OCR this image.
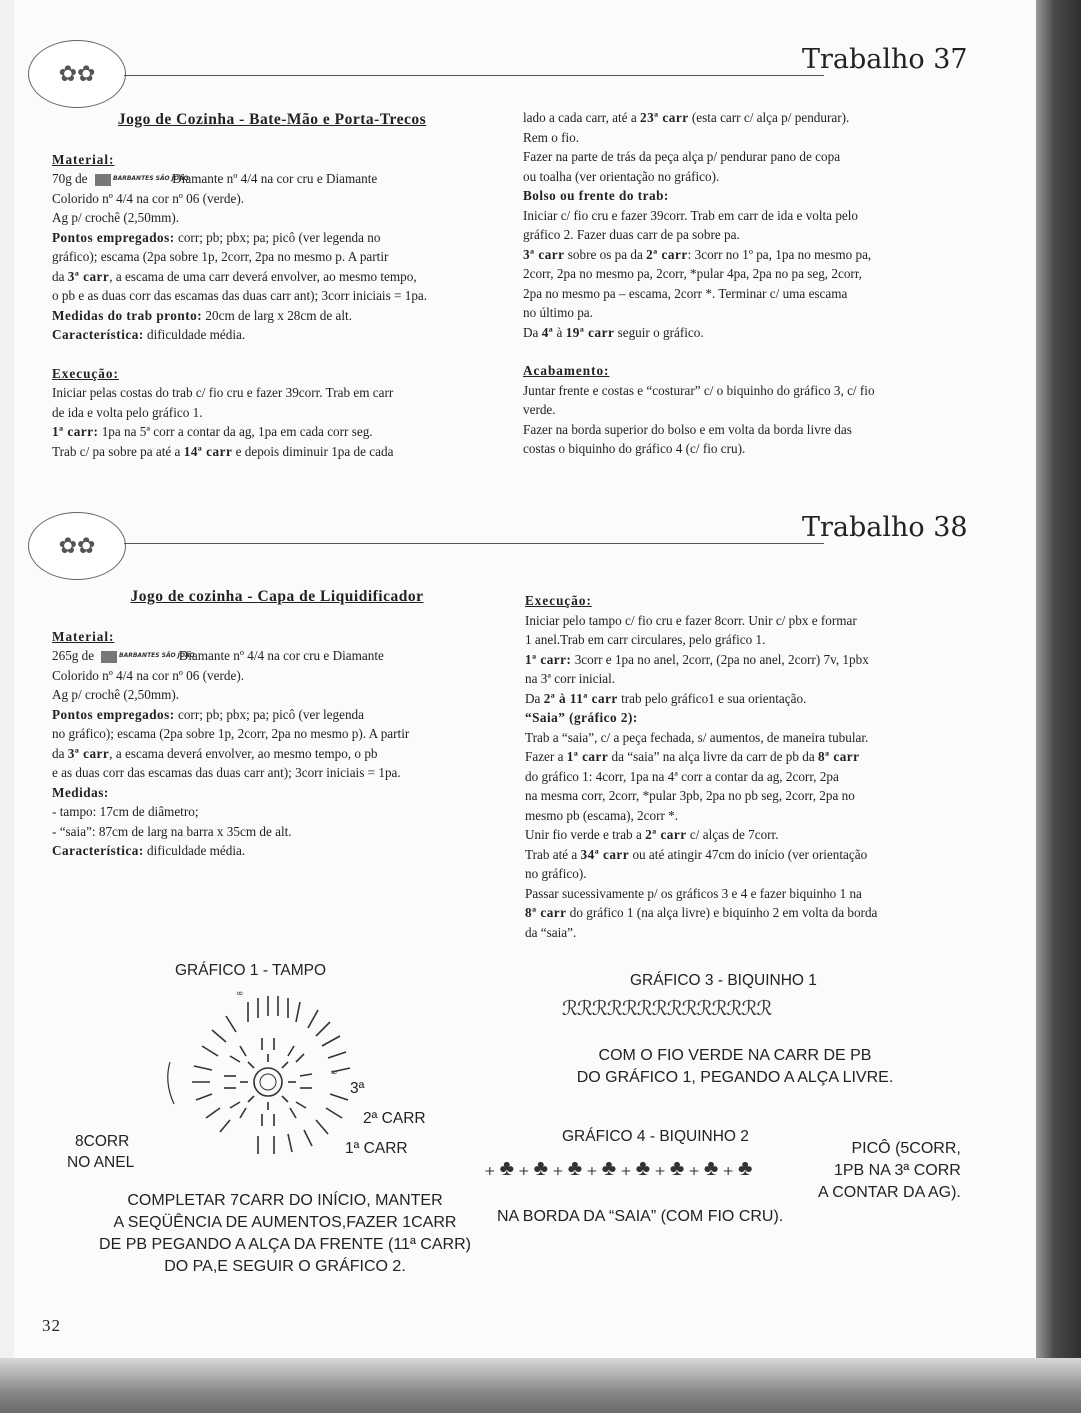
✿✿	Trabalho 37

Jogo de Cozinha - Bate-Mão e Porta-Trecos

Material:

70g de	BARBANTES SÃO JOÃO
Diamante nº 4/4 na cor cru e Diamante

Colorido nº 4/4 na cor nº 06 (verde).

Ag p/ crochê (2,50mm).

Pontos empregados: corr; pb; pbx; pa; picô (ver legenda no

gráfico); escama (2pa sobre 1p, 2corr, 2pa no mesmo p. A partir

da 3ª carr, a escama de uma carr deverá envolver, ao mesmo tempo,

o pb e as duas corr das escamas das duas carr ant); 3corr iniciais = 1pa.

Medidas do trab pronto: 20cm de larg x 28cm de alt.

Característica: dificuldade média.

Execução:

Iniciar pelas costas do trab c/ fio cru e fazer 39corr. Trab em carr

de ida e volta pelo gráfico 1.

1ª carr: 1pa na 5ª corr a contar da ag, 1pa em cada corr seg.

Trab c/ pa sobre pa até a 14ª carr e depois diminuir 1pa de cada

lado a cada carr, até a 23ª carr (esta carr c/ alça p/ pendurar).

Rem o fio.

Fazer na parte de trás da peça alça p/ pendurar pano de copa

ou toalha (ver orientação no gráfico).

Bolso ou frente do trab:

Iniciar c/ fio cru e fazer 39corr. Trab em carr de ida e volta pelo

gráfico 2. Fazer duas carr de pa sobre pa.

3ª carr sobre os pa da 2ª carr: 3corr no 1º pa, 1pa no mesmo pa,

2corr, 2pa no mesmo pa, 2corr, *pular 4pa, 2pa no pa seg, 2corr,

2pa no mesmo pa – escama, 2corr *. Terminar c/ uma escama

no último pa.

Da 4ª à 19ª carr seguir o gráfico.

Acabamento:

Juntar frente e costas e “costurar” c/ o biquinho do gráfico 3, c/ fio

verde.

Fazer na borda superior do bolso e em volta da borda livre das

costas o biquinho do gráfico 4 (c/ fio cru).

✿✿
Trabalho 38

Jogo de cozinha - Capa de Liquidificador

Material:

265g de	BARBANTES SÃO JOÃO
Diamante nº 4/4 na cor cru e Diamante

Colorido nº 4/4 na cor nº 06 (verde).

Ag p/ crochê (2,50mm).

Pontos empregados: corr; pb; pbx; pa; picô (ver legenda

no gráfico); escama (2pa sobre 1p, 2corr, 2pa no mesmo p). A partir

da 3ª carr, a escama deverá envolver, ao mesmo tempo, o pb

e as duas corr das escamas das duas carr ant); 3corr iniciais = 1pa.

Medidas:

- tampo: 17cm de diâmetro;

- “saia”: 87cm de larg na barra x 35cm de alt.

Característica: dificuldade média.

Execução:

Iniciar pelo tampo c/ fio cru e fazer 8corr. Unir c/ pbx e formar

1 anel.Trab em carr circulares, pelo gráfico 1.

1ª carr: 3corr e 1pa no anel, 2corr, (2pa no anel, 2corr) 7v, 1pbx

na 3ª corr inicial.

Da 2ª à 11ª carr trab pelo gráfico1 e sua orientação.

“Saia” (gráfico 2):

Trab a “saia”, c/ a peça fechada, s/ aumentos, de maneira tubular.

Fazer a 1ª carr da “saia” na alça livre da carr de pb da 8ª carr

do gráfico 1: 4corr, 1pa na 4ª corr a contar da ag, 2corr, 2pa

na mesma corr, 2corr, *pular 3pb, 2pa no pb seg, 2corr, 2pa no

mesmo pb (escama), 2corr *.

Unir fio verde e trab a 2ª carr c/ alças de 7corr.

Trab até a 34ª carr ou até atingir 47cm do início (ver orientação

no gráfico).

Passar sucessivamente p/ os gráficos 3 e 4 e fazer biquinho 1 na

8ª carr do gráfico 1 (na alça livre) e biquinho 2 em volta da borda

da “saia”.

GRÁFICO 1 - TAMPO
∞
∞
3ª
2ª CARR
1ª CARR
8CORR
NO ANEL
COMPLETAR 7CARR DO INÍCIO, MANTER
A SEQÜÊNCIA DE AUMENTOS,FAZER 1CARR
DE PB PEGANDO A ALÇA DA FRENTE (11ª CARR)
DO PA,E SEGUIR O GRÁFICO 2.
GRÁFICO 3 - BIQUINHO 1
ℛℛℛℛℛℛℛℛℛℛℛℛℛℛ
COM O FIO VERDE NA CARR DE PB
DO GRÁFICO 1, PEGANDO A ALÇA LIVRE.
GRÁFICO 4 - BIQUINHO 2
₊♣₊♣₊♣₊♣₊♣₊♣₊♣₊♣
PICÔ (5CORR,
1PB NA 3ª CORR
A CONTAR DA AG).
NA BORDA DA “SAIA” (COM FIO CRU).
32
